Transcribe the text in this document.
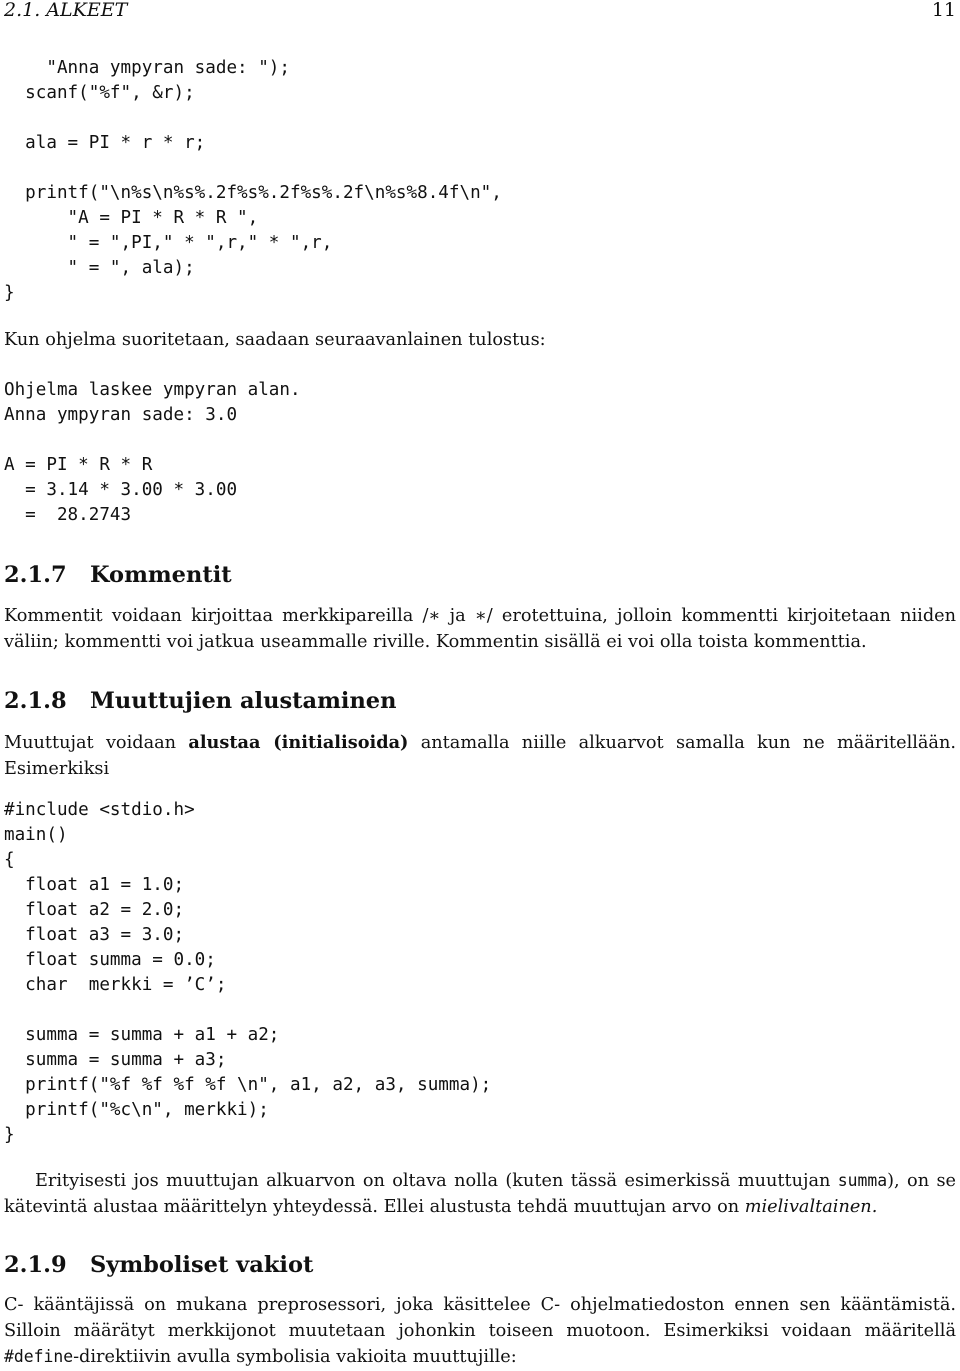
2.1. ALKEET	11
"Anna ympyran sade: ");
scanf("%f", &r);

ala = PI * r * r;

printf("\n%s\n%s%.2f%s%.2f%s%.2f\n%s%8.4f\n",
"A = PI * R * R ",
" = ",PI," * ",r," * ",r,
" = ", ala);
}

Kun ohjelma suoritetaan, saadaan seuraavanlainen tulostus:

Ohjelma laskee ympyran alan.
Anna ympyran sade: 3.0

A = PI * R * R
= 3.14 * 3.00 * 3.00
=  28.2743
2.1.7 Kommentit

Kommentit voidaan kirjoittaa merkkipareilla /∗ ja ∗/ erotettuina, jolloin kommentti kirjoitetaan niiden väliin; kommentti voi jatkua useammalle riville. Kommentin sisällä ei voi olla toista kommenttia.

2.1.8 Muuttujien alustaminen

Muuttujat voidaan alustaa (initialisoida) antamalla niille alkuarvot samalla kun ne määritellään. Esimerkiksi

#include <stdio.h>
main()
{
float a1 = 1.0;
float a2 = 2.0;
float a3 = 3.0;
float summa = 0.0;
char  merkki = ’C’;

summa = summa + a1 + a2;
summa = summa + a3;
printf("%f %f %f %f \n", a1, a2, a3, summa);
printf("%c\n", merkki);
}

Erityisesti jos muuttujan alkuarvon on oltava nolla (kuten tässä esimerkissä muuttujan summa), on se kätevintä alustaa määrittelyn yhteydessä. Ellei alustusta tehdä muuttujan arvo on mielivaltainen.

2.1.9 Symboliset vakiot

C- kääntäjissä on mukana preprosessori, joka käsittelee C- ohjelmatiedoston ennen sen kääntämistä. Silloin määrätyt merkkijonot muutetaan johonkin toiseen muotoon. Esimerkiksi voidaan määritellä #define-direktiivin avulla symbolisia vakioita muuttujille:
